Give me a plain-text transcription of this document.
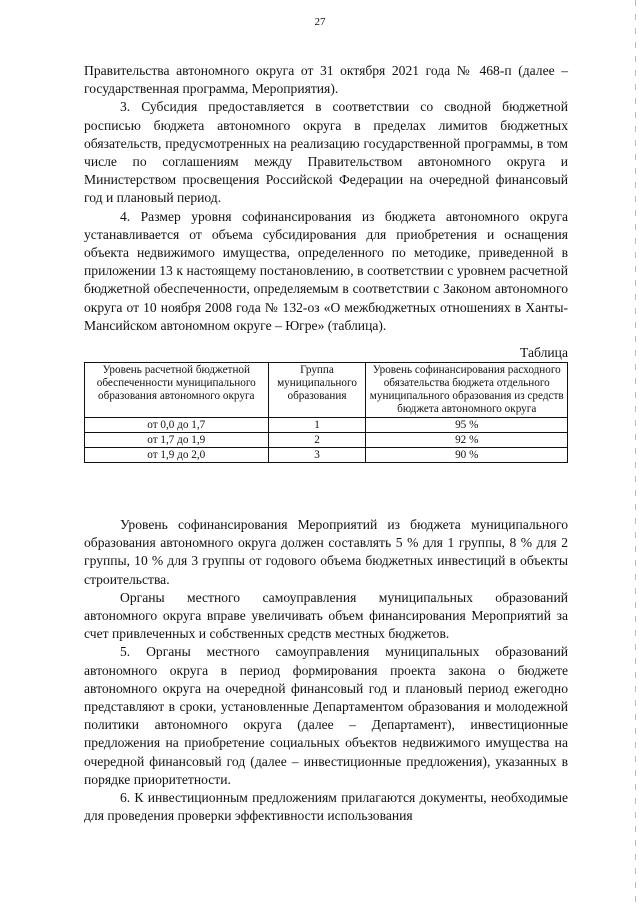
27

Правительства автономного округа от 31 октября 2021 года № 468-п (далее – государственная программа, Мероприятия).

3. Субсидия предоставляется в соответствии со сводной бюджетной росписью бюджета автономного округа в пределах лимитов бюджетных обязательств, предусмотренных на реализацию государственной программы, в том числе по соглашениям между Правительством автономного округа и Министерством просвещения Российской Федерации на очередной финансовый год и плановый период.

4. Размер уровня софинансирования из бюджета автономного округа устанавливается от объема субсидирования для приобретения и оснащения объекта недвижимого имущества, определенного по методике, приведенной в приложении 13 к настоящему постановлению, в соответствии с уровнем расчетной бюджетной обеспеченности, определяемым в соответствии с Законом автономного округа от 10 ноября 2008 года № 132-оз «О межбюджетных отношениях в Ханты-Мансийском автономном округе – Югре» (таблица).

Таблица
Уровень расчетной бюджетной обеспеченности муниципального образования автономного округа	Группа муниципального образования	Уровень софинансирования расходного обязательства бюджета отдельного муниципального образования из средств бюджета автономного округа
от 0,0 до 1,7	1	95 %
от 1,7 до 1,9	2	92 %
от 1,9 до 2,0	3	90 %

Уровень софинансирования Мероприятий из бюджета муниципального образования автономного округа должен составлять 5 % для 1 группы, 8 % для 2 группы, 10 % для 3 группы от годового объема бюджетных инвестиций в объекты строительства.

Органы местного самоуправления муниципальных образований автономного округа вправе увеличивать объем финансирования Мероприятий за счет привлеченных и собственных средств местных бюджетов.

5. Органы местного самоуправления муниципальных образований автономного округа в период формирования проекта закона о бюджете автономного округа на очередной финансовый год и плановый период ежегодно представляют в сроки, установленные Департаментом образования и молодежной политики автономного округа (далее – Департамент), инвестиционные предложения на приобретение социальных объектов недвижимого имущества на очередной финансовый год (далее – инвестиционные предложения), указанных в порядке приоритетности.

6. К инвестиционным предложениям прилагаются документы, необходимые для проведения проверки эффективности использования
